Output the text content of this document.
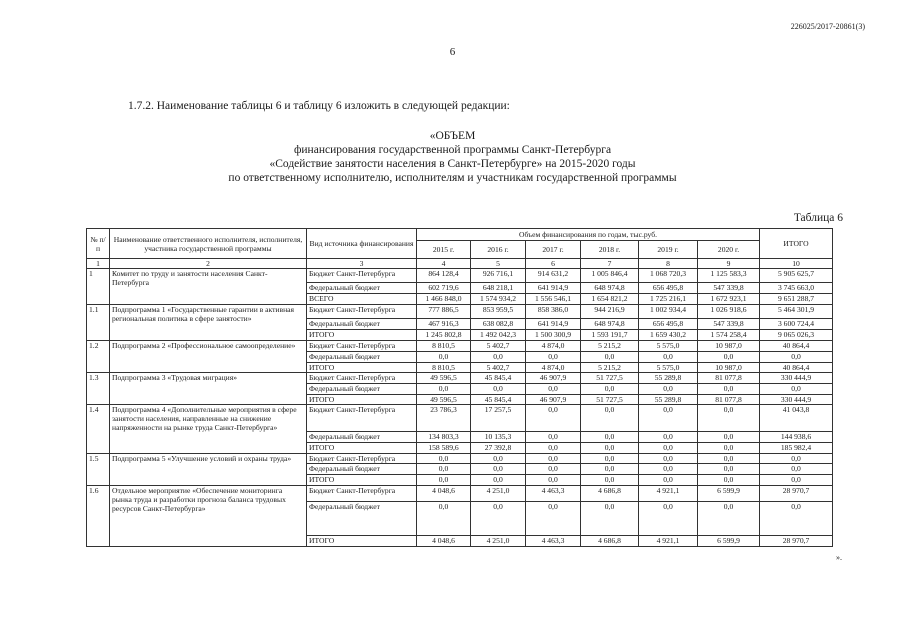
226025/2017-20861(3)
6
1.7.2. Наименование таблицы 6 и таблицу 6 изложить в следующей редакции:
«ОБЪЕМ
финансирования государственной программы Санкт-Петербурга
«Содействие занятости населения в Санкт-Петербурге» на 2015-2020 годы
по ответственному исполнителю, исполнителям и участникам государственной программы
Таблица 6
№ п/п	Наименование ответственного исполнителя, исполнителя, участника государственной программы	Вид источника финансирования	Объем финансирования по годам, тыс.руб.						ИТОГО
			2015 г.	2016 г.	2017 г.	2018 г.	2019 г.	2020 г.	
1	2	3	4	5	6	7	8	9	10
1	Комитет по труду и занятости населения Санкт-Петербурга	Бюджет Санкт-Петербурга	864 128,4	926 716,1	914 631,2	1 005 846,4	1 068 720,3	1 125 583,3	5 905 625,7
		Федеральный бюджет	602 719,6	648 218,1	641 914,9	648 974,8	656 495,8	547 339,8	3 745 663,0
		ВСЕГО	1 466 848,0	1 574 934,2	1 556 546,1	1 654 821,2	1 725 216,1	1 672 923,1	9 651 288,7
1.1	Подпрограмма 1 «Государственные гарантии в активная региональная политика в сфере занятости»	Бюджет Санкт-Петербурга	777 886,5	853 959,5	858 386,0	944 216,9	1 002 934,4	1 026 918,6	5 464 301,9
		Федеральный бюджет	467 916,3	638 082,8	641 914,9	648 974,8	656 495,8	547 339,8	3 600 724,4
		ИТОГО	1 245 802,8	1 492 042,3	1 500 300,9	1 593 191,7	1 659 430,2	1 574 258,4	9 065 026,3
1.2	Подпрограмма 2 «Профессиональное самоопределение»	Бюджет Санкт-Петербурга	8 810,5	5 402,7	4 874,0	5 215,2	5 575,0	10 987,0	40 864,4
		Федеральный бюджет	0,0	0,0	0,0	0,0	0,0	0,0	0,0
		ИТОГО	8 810,5	5 402,7	4 874,0	5 215,2	5 575,0	10 987,0	40 864,4
1.3	Подпрограмма 3 «Трудовая миграция»	Бюджет Санкт-Петербурга	49 596,5	45 845,4	46 907,9	51 727,5	55 289,8	81 077,8	330 444,9
		Федеральный бюджет	0,0	0,0	0,0	0,0	0,0	0,0	0,0
		ИТОГО	49 596,5	45 845,4	46 907,9	51 727,5	55 289,8	81 077,8	330 444,9
1.4	Подпрограмма 4 «Дополнительные мероприятия в сфере занятости населения, направленные на снижение напряженности на рынке труда Санкт-Петербурга»	Бюджет Санкт-Петербурга	23 786,3	17 257,5	0,0	0,0	0,0	0,0	41 043,8
		Федеральный бюджет	134 803,3	10 135,3	0,0	0,0	0,0	0,0	144 938,6
		ИТОГО	158 589,6	27 392,8	0,0	0,0	0,0	0,0	185 982,4
1.5	Подпрограмма 5 «Улучшение условий и охраны труда»	Бюджет Санкт-Петербурга	0,0	0,0	0,0	0,0	0,0	0,0	0,0
		Федеральный бюджет	0,0	0,0	0,0	0,0	0,0	0,0	0,0
		ИТОГО	0,0	0,0	0,0	0,0	0,0	0,0	0,0
1.6	Отдельное мероприятие «Обеспечение мониторинга рынка труда и разработки прогноза баланса трудовых ресурсов Санкт-Петербурга»	Бюджет Санкт-Петербурга	4 048,6	4 251,0	4 463,3	4 686,8	4 921,1	6 599,9	28 970,7
		Федеральный бюджет	0,0	0,0	0,0	0,0	0,0	0,0	0,0
		ИТОГО	4 048,6	4 251,0	4 463,3	4 686,8	4 921,1	6 599,9	28 970,7
».
